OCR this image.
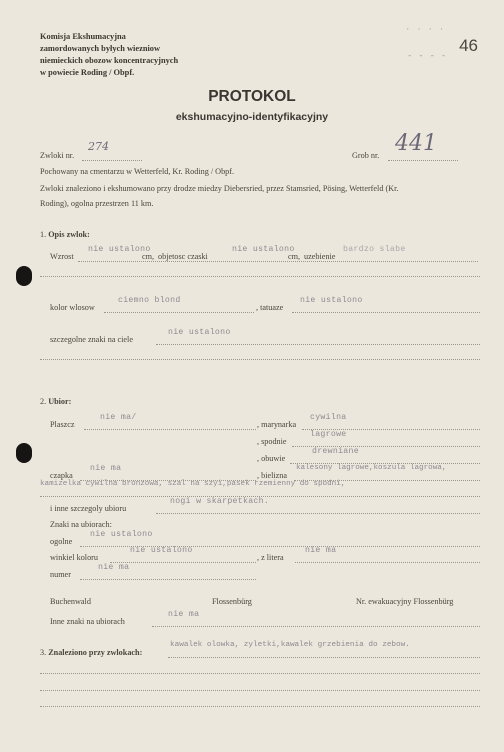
Komisja Ekshumacyjna
zamordowanych byłych wiezniow
niemieckich obozow koncentracyjnych
w powiecie Roding / Obpf.
· · · ·
- - - - 46
PROTOKOL
ekshumacyjno-identyfikacyjny
Zwloki nr.
274
Grob nr. 441
Pochowany na cmentarzu w Wetterfeld, Kr. Roding / Obpf.
Zwloki znaleziono i ekshumowano przy drodze miedzy Diebersried, przez Stamsried, Pösing, Wetterfeld (Kr.
Roding), ogolna przestrzen 11 km.
1. Opis zwlok:
Wzrost
nie ustalono
cm, objetosc czaski
nie ustalono
cm, uzebienie
bardzo slabe
kolor wlosow
ciemno blond
, tatuaze
nie ustalono
szczegolne znaki na ciele
nie ustalono
2. Ubior:
Plaszcz
nie ma/
, marynarka
cywilna
, spodnie
lagrowe
, obuwie
drewniane
czapka
nie ma
, bielizna
kalesony lagrowe,koszula lagrowa,
kamizelka cywilna bronzowa, szal na szyi,pasek rzemienny do spodni,
i inne szczegoly ubioru
nogi w skarpetkach.
Znaki na ubiorach:
ogolne
nie ustalono
winkiel koloru
nie ustalono
, z litera
nie ma
numer
nie ma
Buchenwald	Flossenbürg	Nr. ewakuacyjny Flossenbürg
Inne znaki na ubiorach
nie ma
3. Znaleziono przy zwlokach:
kawalek olowka, zyletki,kawalek grzebienia do zebow.
